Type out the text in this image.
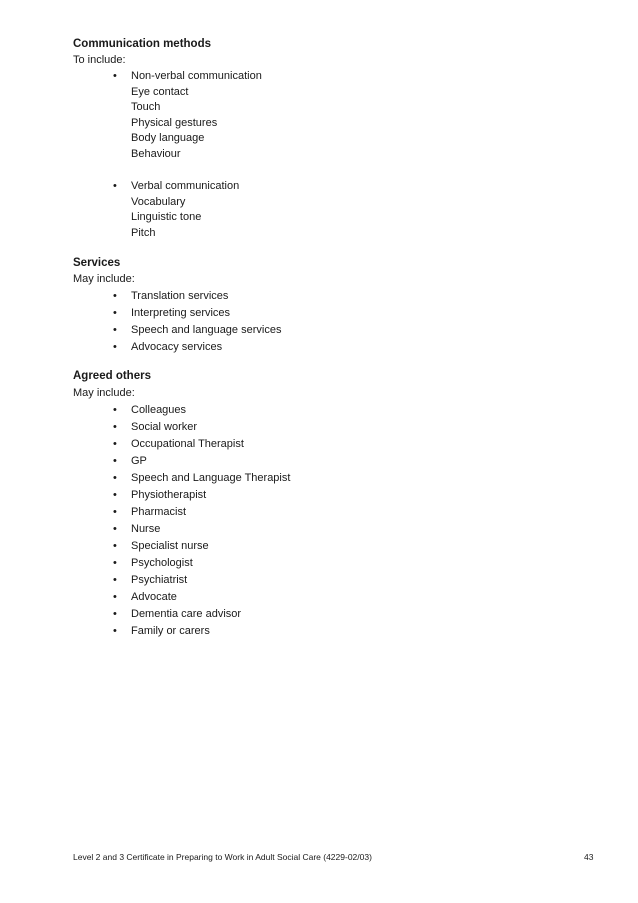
Communication methods

To include:

• Non-verbal communication
Eye contact
Touch
Physical gestures
Body language
Behaviour
• Verbal communication
Vocabulary
Linguistic tone
Pitch

Services

May include:

• Translation services
• Interpreting services
• Speech and language services
• Advocacy services

Agreed others

May include:

• Colleagues
• Social worker
• Occupational Therapist
• GP
• Speech and Language Therapist
• Physiotherapist
• Pharmacist
• Nurse
• Specialist nurse
• Psychologist
• Psychiatrist
• Advocate
• Dementia care advisor
• Family or carers
Level 2 and 3 Certificate in Preparing to Work in Adult Social Care (4229-02/03)	43
